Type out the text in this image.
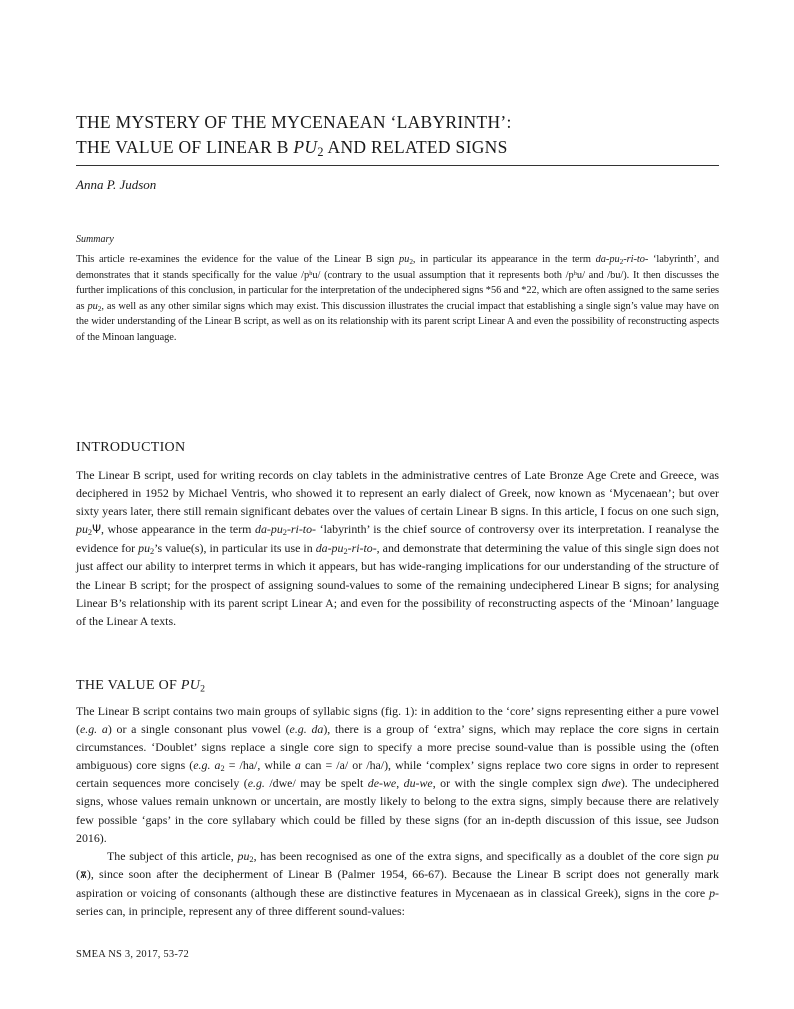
THE MYSTERY OF THE MYCENAEAN ‘LABYRINTH’:
THE VALUE OF LINEAR B $PU_2$ AND RELATED SIGNS
Anna P. Judson
Summary
This article re-examines the evidence for the value of the Linear B sign $pu_2$, in particular its appearance in the term $da-pu_2-ri-to-$ ‘labyrinth’, and demonstrates that it stands specifically for the value /pʰu/ (contrary to the usual assumption that it represents both /pʰu/ and /bu/). It then discusses the further implications of this conclusion, in particular for the interpretation of the undeciphered signs *56 and *22, which are often assigned to the same series as $pu_2$, as well as any other similar signs which may exist. This discussion illustrates the crucial impact that establishing a single sign’s value may have on the wider understanding of the Linear B script, as well as on its relationship with its parent script Linear A and even the possibility of reconstructing aspects of the Minoan language.
INTRODUCTION

The Linear B script, used for writing records on clay tablets in the administrative centres of Late Bronze Age Crete and Greece, was deciphered in 1952 by Michael Ventris, who showed it to represent an early dialect of Greek, now known as ‘Mycenaean’; but over sixty years later, there still remain significant debates over the values of certain Linear B signs. In this article, I focus on one such sign, $pu_2\Psi$, whose appearance in the term $da-pu_2-ri-to-$ ‘labyrinth’ is the chief source of controversy over its interpretation. I reanalyse the evidence for $pu_2’s$ value(s), in particular its use in $da-pu_2-ri-to-$, and demonstrate that determining the value of this single sign does not just affect our ability to interpret terms in which it appears, but has wide-ranging implications for our understanding of the structure of the Linear B script; for the prospect of assigning sound-values to some of the remaining undeciphered Linear B signs; for analysing Linear B’s relationship with its parent script Linear A; and even for the possibility of reconstructing aspects of the ‘Minoan’ language of the Linear A texts.

THE VALUE OF $PU_2$

The Linear B script contains two main groups of syllabic signs (fig. 1): in addition to the ‘core’ signs representing either a pure vowel (e.g. a) or a single consonant plus vowel (e.g. da), there is a group of ‘extra’ signs, which may replace the core signs in certain circumstances. ‘Doublet’ signs replace a single core sign to specify a more precise sound-value than is possible using the (often ambiguous) core signs (e.g. $a_2 = /ha/$, while a can = /a/ or /ha/), while ‘complex’ signs replace two core signs in order to represent certain sequences more concisely (e.g. /dwe/ may be spelt de-we, du-we, or with the single complex sign dwe). The undeciphered signs, whose values remain unknown or uncertain, are mostly likely to belong to the extra signs, simply because there are relatively few possible ‘gaps’ in the core syllabary which could be filled by these signs (for an in-depth discussion of this issue, see Judson 2016).

The subject of this article, $pu_2$, has been recognised as one of the extra signs, and specifically as a doublet of the core sign pu (ѫ), since soon after the decipherment of Linear B (Palmer 1954, 66-67). Because the Linear B script does not generally mark aspiration or voicing of consonants (although these are distinctive features in Mycenaean as in classical Greek), signs in the core p-series can, in principle, represent any of three different sound-values:

SMEA NS 3, 2017, 53-72
